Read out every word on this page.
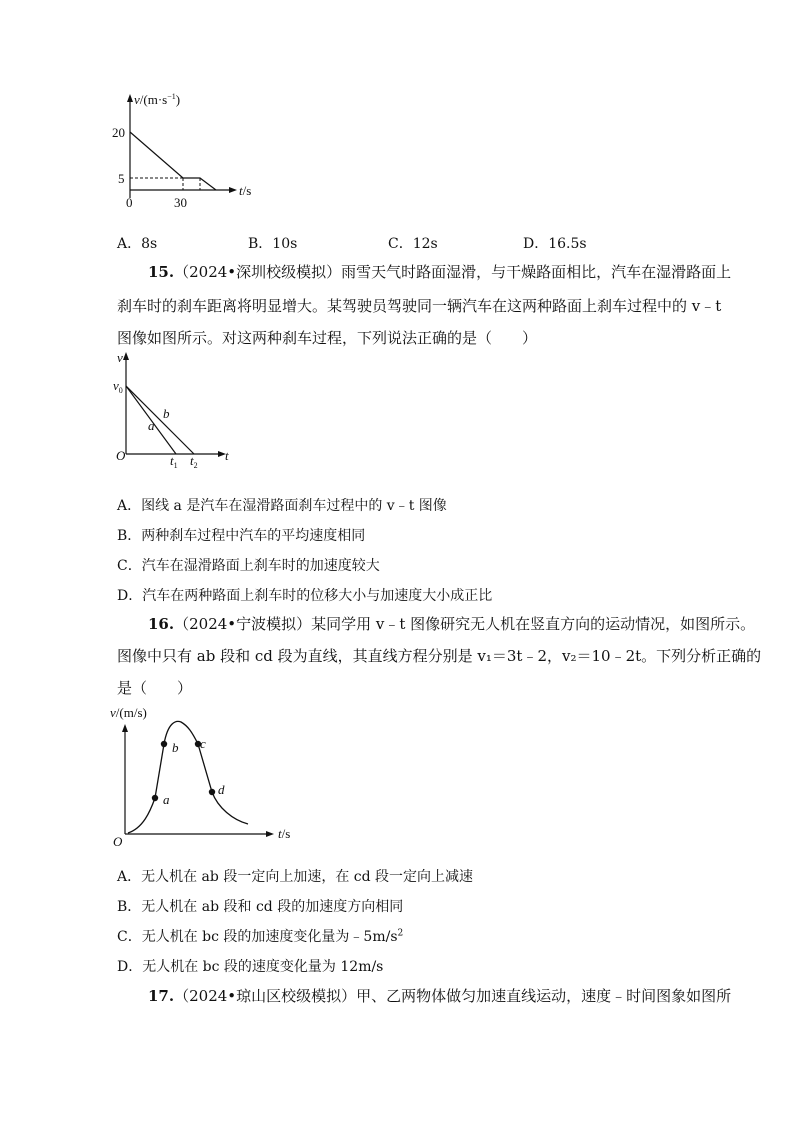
$v/(m\cdot s^{-1})$
20
5
0	30
t/s
A．8s	B．10s	C．12s	D．16.5s
15.（2024•深圳校级模拟）雨雪天气时路面湿滑，与干燥路面相比，汽车在湿滑路面上
刹车时的刹车距离将明显增大。某驾驶员驾驶同一辆汽车在这两种路面上刹车过程中的 v﹣t
图像如图所示。对这两种刹车过程，下列说法正确的是（　　）
v
$v_0$
b
a
O	$t_1$ $t_2$
t
A．图线 a 是汽车在湿滑路面刹车过程中的 v﹣t 图像
B．两种刹车过程中汽车的平均速度相同
C．汽车在湿滑路面上刹车时的加速度较大
D．汽车在两种路面上刹车时的位移大小与加速度大小成正比
16.（2024•宁波模拟）某同学用 v﹣t 图像研究无人机在竖直方向的运动情况，如图所示。
图像中只有 ab 段和 cd 段为直线，其直线方程分别是 v₁＝3t﹣2，v₂＝10﹣2t。下列分析正确的
是（　　）
v/(m/s)
a
b c
d
O
t/s
A．无人机在 ab 段一定向上加速，在 cd 段一定向上减速
B．无人机在 ab 段和 cd 段的加速度方向相同
C．无人机在 bc 段的加速度变化量为$﹣5m/s^2$
D．无人机在 bc 段的速度变化量为 12m/s
17.（2024•琼山区校级模拟）甲、乙两物体做匀加速直线运动，速度﹣时间图象如图所
